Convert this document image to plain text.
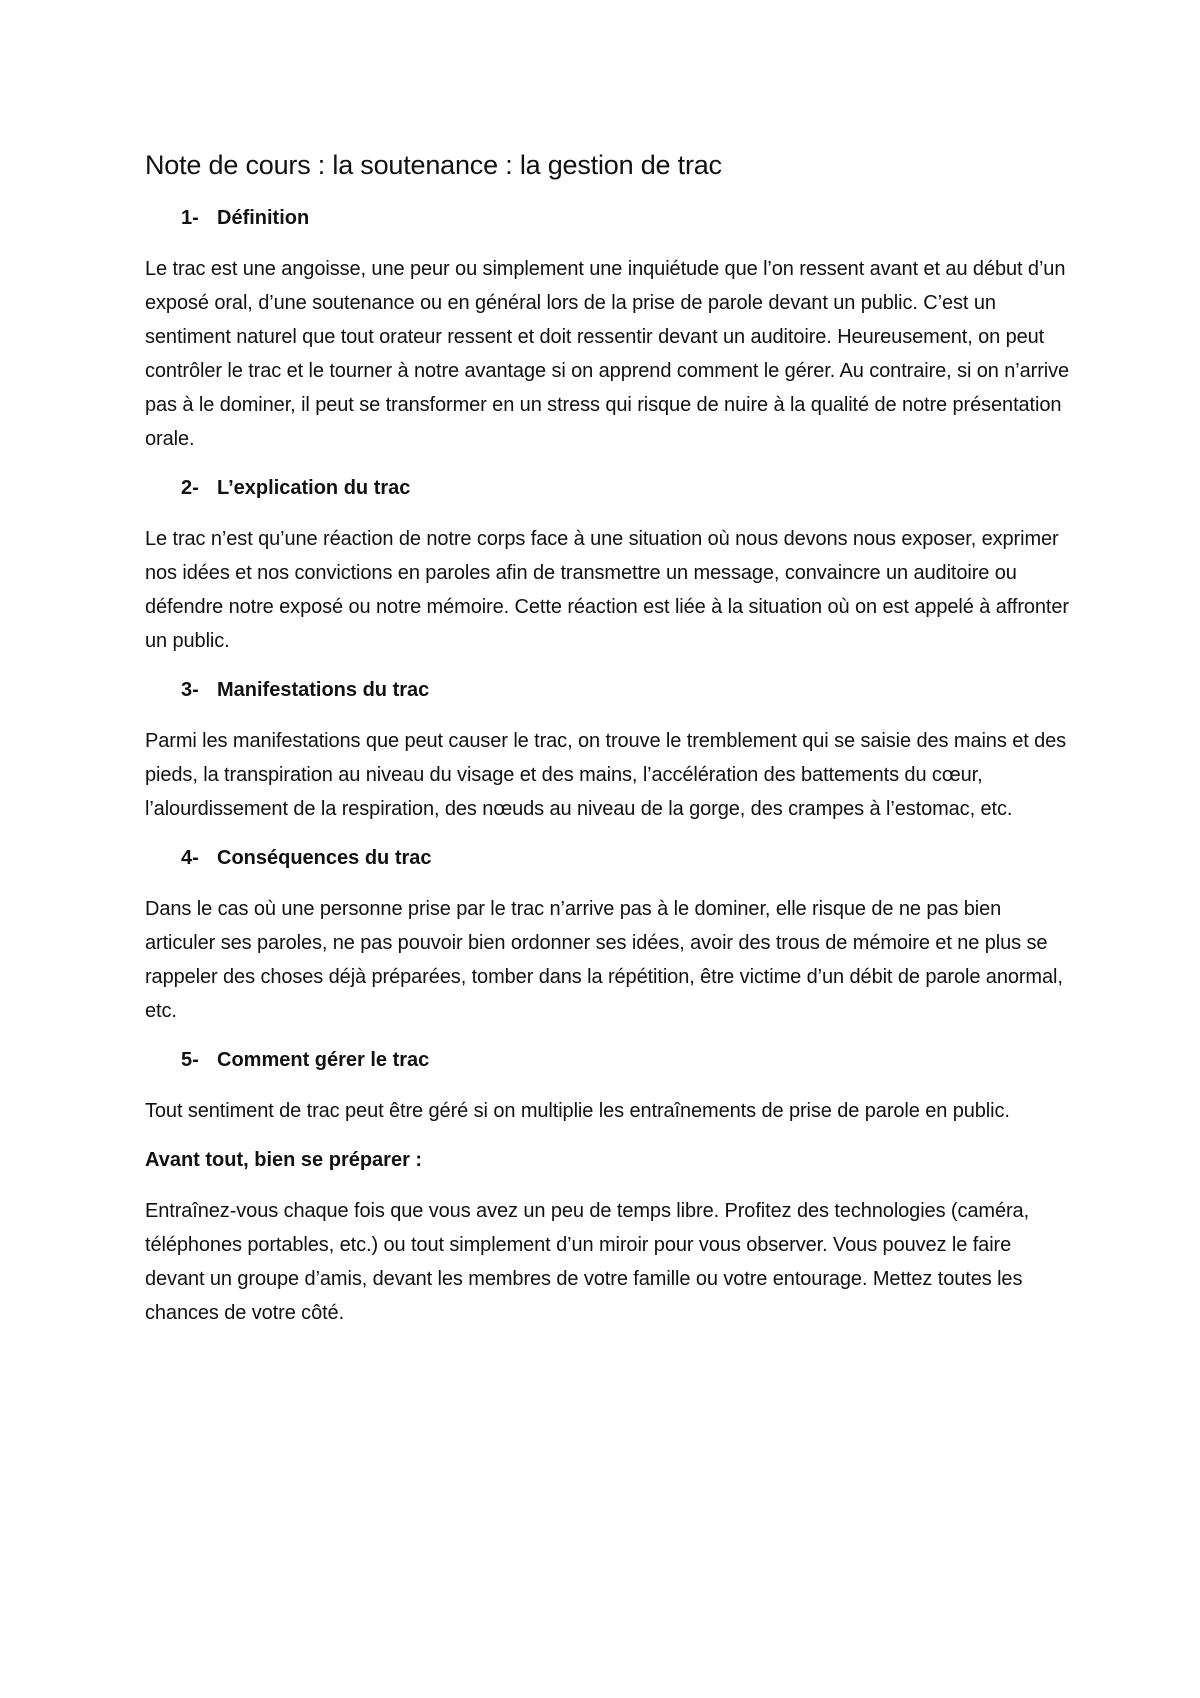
Note de cours : la soutenance : la gestion de trac
1- Définition

Le trac est une angoisse, une peur ou simplement une inquiétude que l’on ressent avant et au début d’un exposé oral, d’une soutenance ou en général lors de la prise de parole devant un public. C’est un sentiment naturel que tout orateur ressent et doit ressentir devant un auditoire. Heureusement, on peut contrôler le trac et le tourner à notre avantage si on apprend comment le gérer. Au contraire, si on n’arrive pas à le dominer, il peut se transformer en un stress qui risque de nuire à la qualité de notre présentation orale.

2- L’explication du trac

Le trac n’est qu’une réaction de notre corps face à une situation où nous devons nous exposer, exprimer nos idées et nos convictions en paroles afin de transmettre un message, convaincre un auditoire ou défendre notre exposé ou notre mémoire. Cette réaction est liée à la situation où on est appelé à affronter un public.

3- Manifestations du trac

Parmi les manifestations que peut causer le trac, on trouve le tremblement qui se saisie des mains et des pieds, la transpiration au niveau du visage et des mains, l’accélération des battements du cœur, l’alourdissement de la respiration, des nœuds au niveau de la gorge, des crampes à l’estomac, etc.

4- Conséquences du trac

Dans le cas où une personne prise par le trac n’arrive pas à le dominer, elle risque de ne pas bien articuler ses paroles, ne pas pouvoir bien ordonner ses idées, avoir des trous de mémoire et ne plus se rappeler des choses déjà préparées, tomber dans la répétition, être victime d’un débit de parole anormal, etc.

5- Comment gérer le trac

Tout sentiment de trac peut être géré si on multiplie les entraînements de prise de parole en public.

Avant tout, bien se préparer :

Entraînez-vous chaque fois que vous avez un peu de temps libre. Profitez des technologies (caméra, téléphones portables, etc.) ou tout simplement d’un miroir pour vous observer. Vous pouvez le faire devant un groupe d’amis, devant les membres de votre famille ou votre entourage. Mettez toutes les chances de votre côté.
